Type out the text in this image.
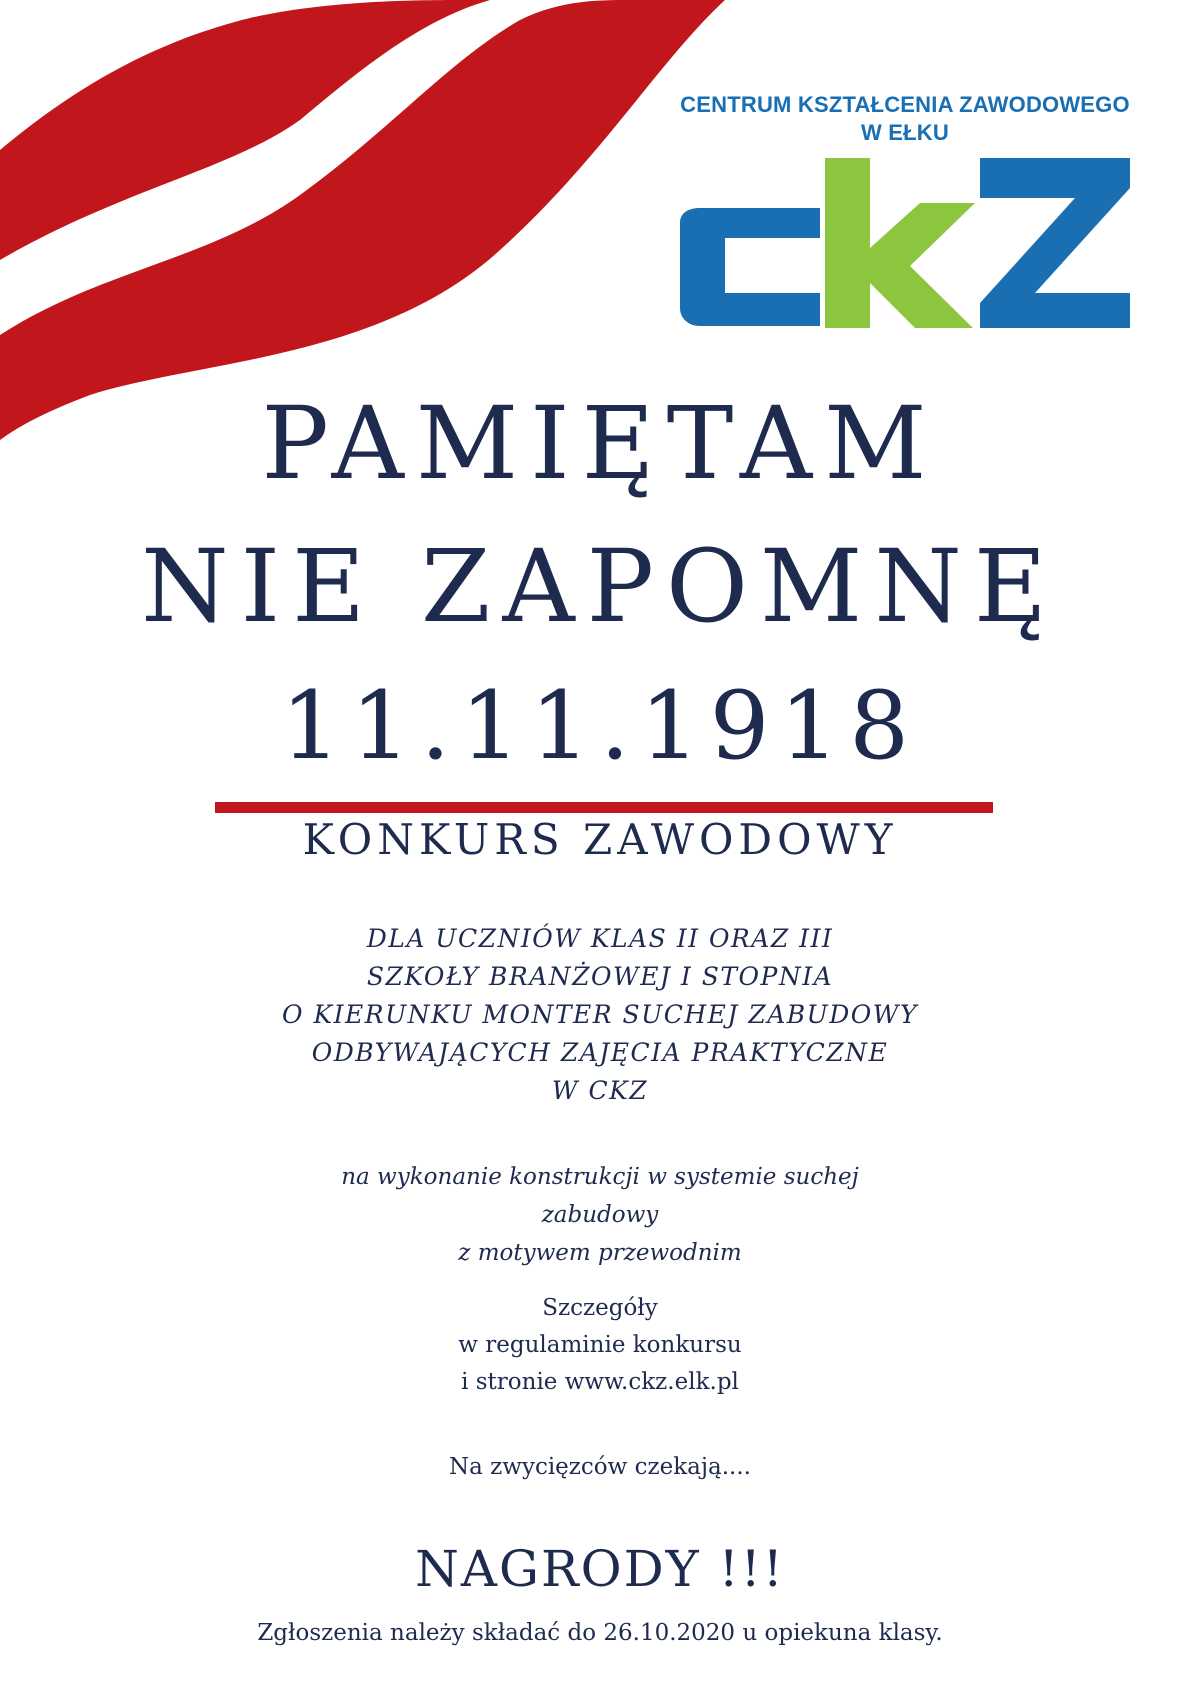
CENTRUM KSZTAŁCENIA ZAWODOWEGO
W EŁKU
PAMIĘTAM
NIE ZAPOMNĘ
11.11.1918
KONKURS ZAWODOWY
DLA UCZNIÓW KLAS II ORAZ III
SZKOŁY BRANŻOWEJ I STOPNIA
O KIERUNKU MONTER SUCHEJ ZABUDOWY
ODBYWAJĄCYCH ZAJĘCIA PRAKTYCZNE
W CKZ
na wykonanie konstrukcji w systemie suchej
zabudowy
z motywem przewodnim
Szczegóły
w regulaminie konkursu
i stronie www.ckz.elk.pl
Na zwycięzców czekają....
NAGRODY !!!
Zgłoszenia należy składać do 26.10.2020 u opiekuna klasy.
